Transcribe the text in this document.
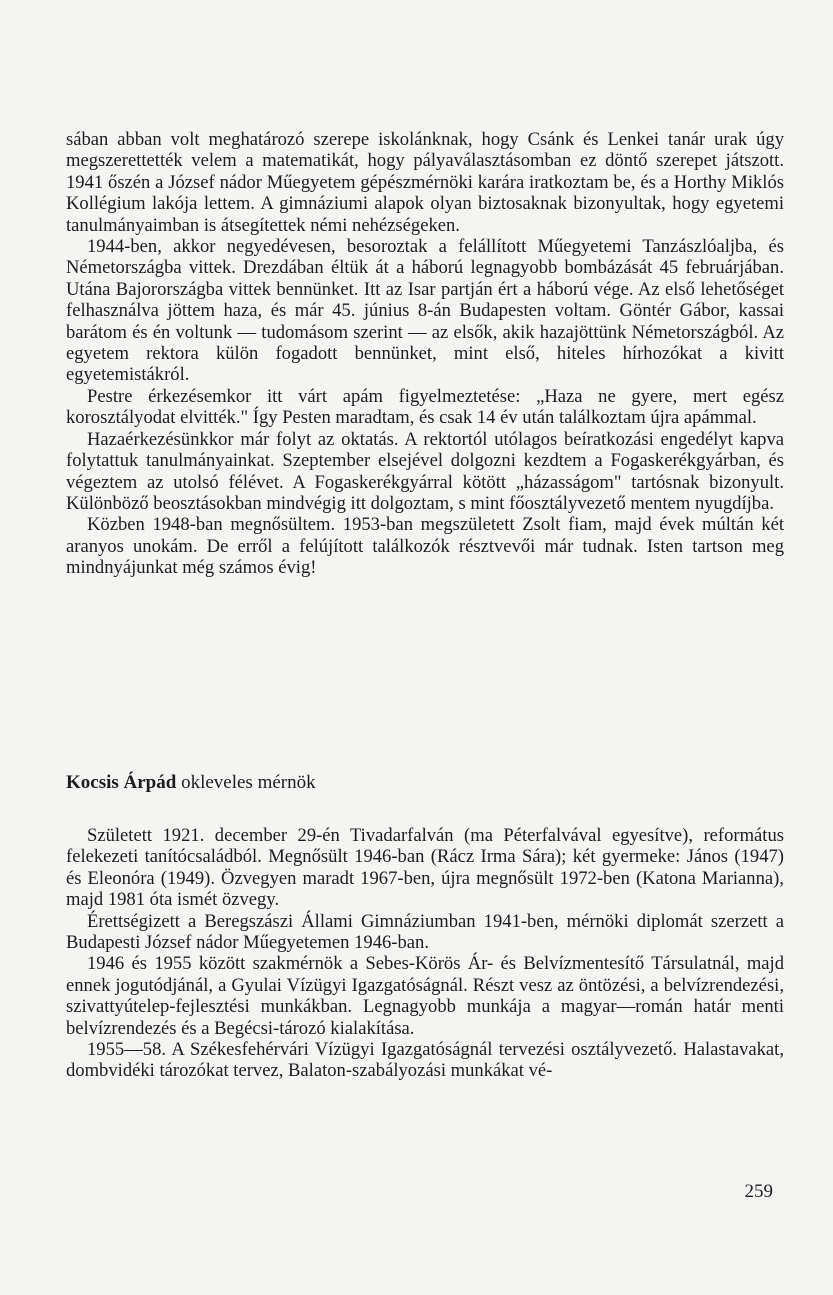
sában abban volt meghatározó szerepe iskolánknak, hogy Csánk és Lenkei tanár urak úgy megszerettették velem a matematikát, hogy pályaválasztásomban ez döntő szerepet játszott. 1941 őszén a József nádor Műegyetem gépészmérnöki karára iratkoztam be, és a Horthy Miklós Kollégium lakója lettem. A gimnáziumi alapok olyan biztosaknak bizonyultak, hogy egyetemi tanulmányaimban is átsegítettek némi nehézségeken.

1944-ben, akkor negyedévesen, besoroztak a felállított Műegyetemi Tanzászlóaljba, és Németországba vittek. Drezdában éltük át a háború legnagyobb bombázását 45 februárjában. Utána Bajorországba vittek bennünket. Itt az Isar partján ért a háború vége. Az első lehetőséget felhasználva jöttem haza, és már 45. június 8-án Budapesten voltam. Göntér Gábor, kassai barátom és én voltunk — tudomásom szerint — az elsők, akik hazajöttünk Németországból. Az egyetem rektora külön fogadott bennünket, mint első, hiteles hírhozókat a kivitt egyetemistákról.

Pestre érkezésemkor itt várt apám figyelmeztetése: „Haza ne gyere, mert egész korosztályodat elvitték." Így Pesten maradtam, és csak 14 év után találkoztam újra apámmal.

Hazaérkezésünkkor már folyt az oktatás. A rektortól utólagos beíratkozási engedélyt kapva folytattuk tanulmányainkat. Szeptember elsejével dolgozni kezdtem a Fogaskerékgyárban, és végeztem az utolsó félévet. A Fogaskerékgyárral kötött „házasságom" tartósnak bizonyult. Különböző beosztásokban mindvégig itt dolgoztam, s mint főosztályvezető mentem nyugdíjba.

Közben 1948-ban megnősültem. 1953-ban megszületett Zsolt fiam, majd évek múltán két aranyos unokám. De erről a felújított találkozók résztvevői már tudnak. Isten tartson meg mindnyájunkat még számos évig!

Kocsis Árpád okleveles mérnök

Született 1921. december 29-én Tivadarfalván (ma Péterfalvával egyesítve), református felekezeti tanítócsaládból. Megnősült 1946-ban (Rácz Irma Sára); két gyermeke: János (1947) és Eleonóra (1949). Özvegyen maradt 1967-ben, újra megnősült 1972-ben (Katona Marianna), majd 1981 óta ismét özvegy.

Érettségizett a Beregszászi Állami Gimnáziumban 1941-ben, mérnöki diplomát szerzett a Budapesti József nádor Műegyetemen 1946-ban.

1946 és 1955 között szakmérnök a Sebes-Körös Ár- és Belvízmentesítő Társulatnál, majd ennek jogutódjánál, a Gyulai Vízügyi Igazgatóságnál. Részt vesz az öntözési, a belvízrendezési, szivattyútelep-fejlesztési munkákban. Legnagyobb munkája a magyar—román határ menti belvízrendezés és a Begécsi-tározó kialakítása.

1955—58. A Székesfehérvári Vízügyi Igazgatóságnál tervezési osztályvezető. Halastavakat, dombvidéki tározókat tervez, Balaton-szabályozási munkákat vé-

259
